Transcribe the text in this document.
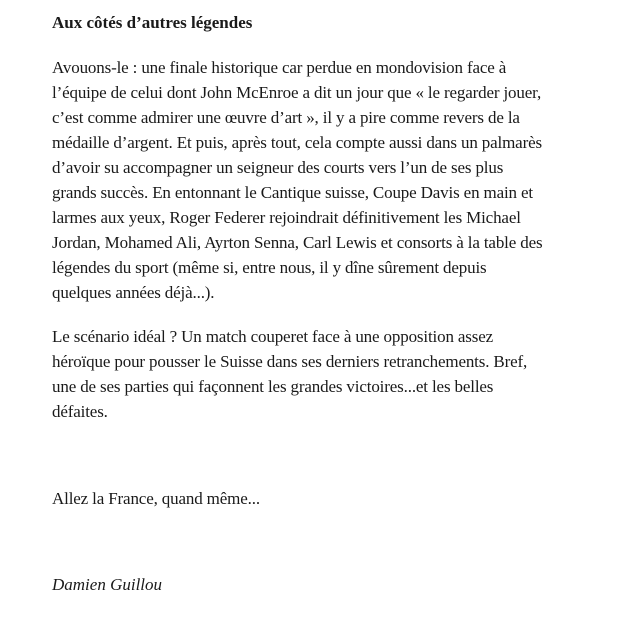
Aux côtés d’autres légendes

Avouons-le : une finale historique car perdue en mondovision face à
l’équipe de celui dont John McEnroe a dit un jour que « le regarder jouer,
c’est comme admirer une œuvre d’art », il y a pire comme revers de la
médaille d’argent. Et puis, après tout, cela compte aussi dans un palmarès
d’avoir su accompagner un seigneur des courts vers l’un de ses plus
grands succès. En entonnant le Cantique suisse, Coupe Davis en main et
larmes aux yeux, Roger Federer rejoindrait définitivement les Michael
Jordan, Mohamed Ali, Ayrton Senna, Carl Lewis et consorts à la table des
légendes du sport (même si, entre nous, il y dîne sûrement depuis
quelques années déjà...).

Le scénario idéal ? Un match couperet face à une opposition assez
héroïque pour pousser le Suisse dans ses derniers retranchements. Bref,
une de ses parties qui façonnent les grandes victoires...et les belles
défaites.

Allez la France, quand même...

Damien Guillou
